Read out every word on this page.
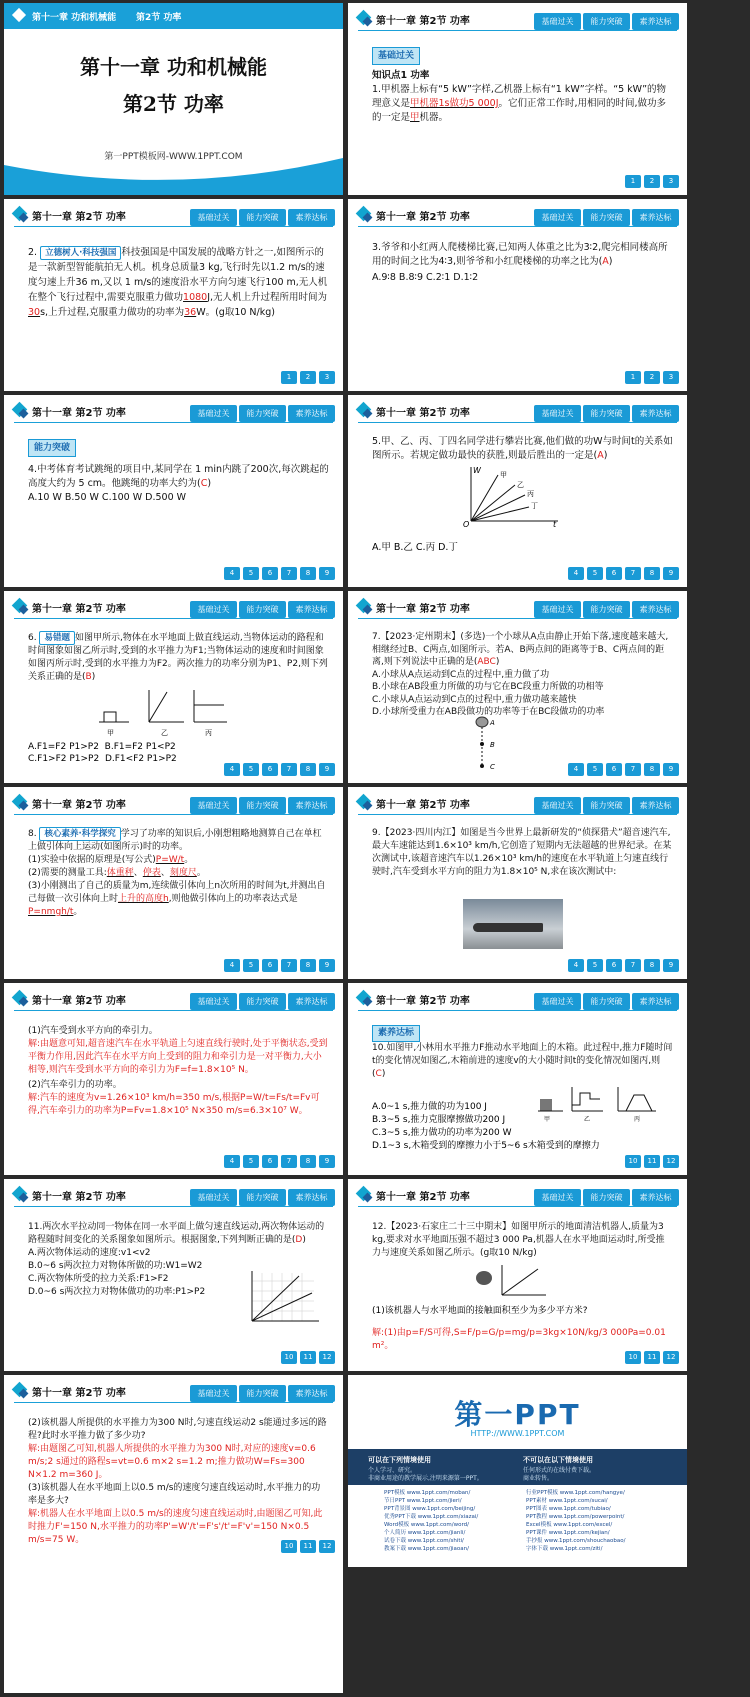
第十一章 功和机械能 第2节 功率
第十一章 功和机械能
第2节 功率
第一PPT模板网-WWW.1PPT.COM
第十一章 第2节 功率	基础过关	能力突破	素养达标
基础过关
知识点1 功率
1.甲机器上标有“5 kW”字样,乙机器上标有“1 kW”字样。“5 kW”的物理意义是甲机器1s做功5 000J。它们正常工作时,用相同的时间,做功多的一定是甲机器。
1	2	3
第十一章 第2节 功率	基础过关	能力突破	素养达标
2. 立德树人·科技强国 科技强国是中国发展的战略方针之一,如图所示的是一款新型智能航拍无人机。机身总质量3 kg,飞行时先以1.2 m/s的速度匀速上升36 m,又以 1 m/s的速度沿水平方向匀速飞行100 m,无人机在整个飞行过程中,需要克服重力做功1080J,无人机上升过程所用时间为30s,上升过程,克服重力做功的功率为36W。(g取10 N/kg)
1	2	3
第十一章 第2节 功率	基础过关	能力突破	素养达标
3.爷爷和小红两人爬楼梯比赛,已知两人体重之比为3∶2,爬完相同楼高所用的时间之比为4∶3,则爷爷和小红爬楼梯的功率之比为(A)
A.9∶8 B.8∶9 C.2∶1 D.1∶2
1	2	3
第十一章 第2节 功率	基础过关	能力突破	素养达标
能力突破
4.中考体育考试跳绳的项目中,某同学在 1 min内跳了200次,每次跳起的高度大约为 5 cm。他跳绳的功率大约为(C)
A.10 W B.50 W C.100 W D.500 W
4	5	6	7	8	9
第十一章 第2节 功率	基础过关	能力突破	素养达标
5.甲、乙、丙、丁四名同学进行攀岩比赛,他们做的功W与时间t的关系如图所示。若规定做功最快的获胜,则最后胜出的一定是(A)
W
t
O
甲
乙
丙
丁
A.甲 B.乙 C.丙 D.丁
4	5	6	7	8	9
第十一章 第2节 功率	基础过关	能力突破	素养达标
6. 易错题 如图甲所示,物体在水平地面上做直线运动,当物体运动的路程和时间图象如图乙所示时,受到的水平推力为F1;当物体运动的速度和时间图象如图丙所示时,受到的水平推力为F2。两次推力的功率分别为P1、P2,则下列关系正确的是(B)
甲	乙	丙
A.F1=F2 P1>P2 B.F1=F2 P1<P2
C.F1>F2 P1>P2 D.F1<F2 P1>P2
4	5	6	7	8	9
第十一章 第2节 功率	基础过关	能力突破	素养达标
7.【2023·定州期末】(多选)一个小球从A点由静止开始下落,速度越来越大,相继经过B、C两点,如图所示。若A、B两点间的距离等于B、C两点间的距离,则下列说法中正确的是(ABC)
A.小球从A点运动到C点的过程中,重力做了功
B.小球在AB段重力所做的功与它在BC段重力所做的功相等
C.小球从A点运动到C点的过程中,重力做功越来越快
D.小球所受重力在AB段做功的功率等于在BC段做功的功率
A
B
C	4	5	6	7	8	9
第十一章 第2节 功率	基础过关	能力突破	素养达标
8. 核心素养·科学探究 学习了功率的知识后,小刚想粗略地测算自己在单杠上做引体向上运动(如图所示)时的功率。
(1)实验中依据的原理是(写公式)P=W/t。
(2)需要的测量工具:体重秤、停表、刻度尺。
(3)小刚测出了自己的质量为m,连续做引体向上n次所用的时间为t,并测出自己每做一次引体向上时上升的高度h,则他做引体向上的功率表达式是P=nmgh/t。
4	5	6	7	8	9
第十一章 第2节 功率	基础过关	能力突破	素养达标
9.【2023·四川内江】如图是当今世界上最新研发的“侦探猎犬”超音速汽车,最大车速能达到1.6×10³ km/h,它创造了短期内无法超越的世界纪录。在某次测试中,该超音速汽车以1.26×10³ km/h的速度在水平轨道上匀速直线行驶时,汽车受到水平方向的阻力为1.8×10⁵ N,求在该次测试中:
4	5	6	7	8	9
第十一章 第2节 功率	基础过关	能力突破	素养达标
(1)汽车受到水平方向的牵引力。
解:由题意可知,超音速汽车在水平轨道上匀速直线行驶时,处于平衡状态,受到平衡力作用,因此汽车在水平方向上受到的阻力和牵引力是一对平衡力,大小相等,则汽车受到水平方向的牵引力为F=f=1.8×10⁵ N。
(2)汽车牵引力的功率。
解:汽车的速度为v=1.26×10³ km/h=350 m/s,根据P=W/t=Fs/t=Fv可得,汽车牵引力的功率为P=Fv=1.8×10⁵ N×350 m/s=6.3×10⁷ W。
4	5	6	7	8	9
第十一章 第2节 功率	基础过关	能力突破	素养达标
素养达标
10.如图甲,小林用水平推力F推动水平地面上的木箱。此过程中,推力F随时间t的变化情况如图乙,木箱前进的速度v的大小随时间t的变化情况如图丙,则(C)
甲	乙	丙
A.0~1 s,推力做的功为100 J
B.3~5 s,推力克服摩擦做功200 J
C.3~5 s,推力做功的功率为200 W
D.1~3 s,木箱受到的摩擦力小于5~6 s木箱受到的摩擦力
10	11	12
第十一章 第2节 功率	基础过关	能力突破	素养达标
11.两次水平拉动同一物体在同一水平面上做匀速直线运动,两次物体运动的路程随时间变化的关系图象如图所示。根据图象,下列判断正确的是(D)
A.两次物体运动的速度:v1<v2
B.0~6 s两次拉力对物体所做的功:W1=W2
C.两次物体所受的拉力关系:F1>F2
D.0~6 s两次拉力对物体做功的功率:P1>P2
10	11	12
第十一章 第2节 功率	基础过关	能力突破	素养达标
12.【2023·石家庄二十三中期末】如图甲所示的地面清洁机器人,质量为3 kg,要求对水平地面压强不超过3 000 Pa,机器人在水平地面运动时,所受推力与速度关系如图乙所示。(g取10 N/kg)
(1)该机器人与水平地面的接触面积至少为多少平方米?
解:(1)由p=F/S可得,S=F/p=G/p=mg/p=3kg×10N/kg/3 000Pa=0.01 m²。
10	11	12
第十一章 第2节 功率	基础过关	能力突破	素养达标
(2)该机器人所提供的水平推力为300 N时,匀速直线运动2 s能通过多远的路程?此时水平推力做了多少功?
解:由题图乙可知,机器人所提供的水平推力为300 N时,对应的速度v=0.6 m/s;2 s通过的路程s=vt=0.6 m×2 s=1.2 m;推力做功W=Fs=300 N×1.2 m=360 J。
(3)该机器人在水平地面上以0.5 m/s的速度匀速直线运动时,水平推力的功率是多大?
解:机器人在水平地面上以0.5 m/s的速度匀速直线运动时,由题图乙可知,此时推力F'=150 N,水平推力的功率P'=W'/t'=F's'/t'=F'v'=150 N×0.5 m/s=75 W。
10	11	12
第一PPT
HTTP://WWW.1PPT.COM
可以在下列情境使用
个人学习、研究。
非商业用途的教学展示,注明来源第一PPT。
不可以在以下情境使用
任何形式的在线付费下载。
商业转售。
PPT模板 www.1ppt.com/moban/
节日PPT www.1ppt.com/jieri/
PPT背景图 www.1ppt.com/beijing/
优秀PPT下载 www.1ppt.com/xiazai/
Word模板 www.1ppt.com/word/
个人简历 www.1ppt.com/jianli/
试卷下载 www.1ppt.com/shiti/
教案下载 www.1ppt.com/jiaoan/
行业PPT模板 www.1ppt.com/hangye/
PPT素材 www.1ppt.com/sucai/
PPT图表 www.1ppt.com/tubiao/
PPT教程 www.1ppt.com/powerpoint/
Excel模板 www.1ppt.com/excel/
PPT课件 www.1ppt.com/kejian/
手抄报 www.1ppt.com/shouchaobao/
字体下载 www.1ppt.com/ziti/
